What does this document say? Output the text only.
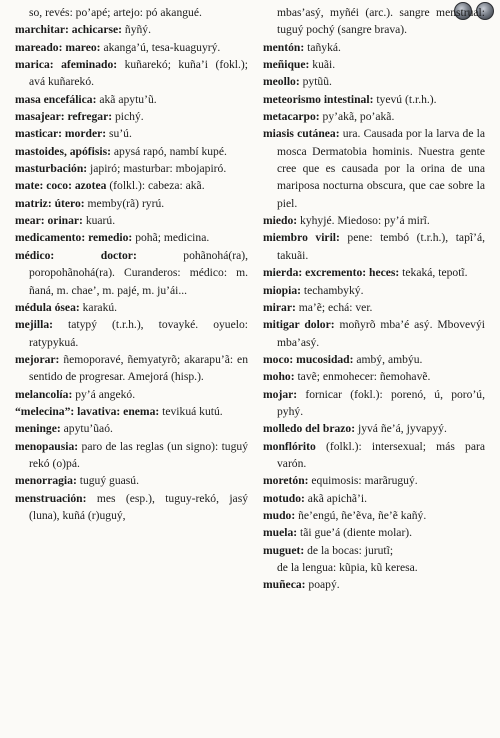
so, revés: po’apé; artejo: pó akangué.
marchitar: achicarse: ñyñý.
mareado: mareo: akanga’ú, tesa-kuaguyrý.
marica: afeminado: kuñarekó; kuña’i (fokl.); avá kuñarekó.
masa encefálica: akã apytu’ũ.
masajear: refregar: pichý.
masticar: morder: su’ú.
mastoides, apófisis: apysá rapó, nambí kupé.
masturbación: japiró; masturbar: mbojapiró.
mate: coco: azotea (folkl.): cabeza: akã.
matriz: útero: memby(rã) ryrú.
mear: orinar: kuarú.
medicamento: remedio: pohã; medicina.
médico: doctor: pohãnohá(ra), poropohãnohá(ra). Curanderos: médico: m. ñaná, m. chae’, m. pajé, m. ju’ái...
médula ósea: karakú.
mejilla: tatypý (t.r.h.), tovayké. oyuelo: ratypykuá.
mejorar: ñemoporavé, ñemyatyrõ; akarapu’ã: en sentido de progresar. Amejorá (hisp.).
melancolía: py’á angekó.
“melecina”: lavativa: enema: tevikuá kutú.
meninge: apytu’ũaó.
menopausia: paro de las reglas (un signo): tuguý rekó (o)pá.
menorragia: tuguý guasú.
menstruación: mes (esp.), tuguy-rekó, jasý (luna), kuñá (r)uguý,
mbas’asý, myñéi (arc.). sangre menstrual: tuguý pochý (sangre brava).
mentón: tañyká.
meñique: kuãi.
meollo: pytũũ.
meteorismo intestinal: tyevú (t.r.h.).
metacarpo: py’akã, po’akã.
miasis cutánea: ura. Causada por la larva de la mosca Dermatobia hominis. Nuestra gente cree que es causada por la orina de una mariposa nocturna obscura, que cae sobre la piel.
miedo: kyhyjé. Miedoso: py’á mirĩ.
miembro viril: pene: tembó (t.r.h.), tapĩ’á, takuãi.
mierda: excremento: heces: tekaká, tepotĩ.
miopia: techambyký.
mirar: ma’ẽ; echá: ver.
mitigar dolor: moñyrõ mba’é asý. Mbovevýi mba’asý.
moco: mucosidad: ambý, ambýu.
moho: tavẽ; enmohecer: ñemohavẽ.
mojar: fornicar (fokl.): porenó, ú, poro’ú, pyhý.
molledo del brazo: jyvá ñe’á, jyvapyý.
monflórito (folkl.): intersexual; más para varón.
moretón: equimosis: marãruguý.
motudo: akã apichã’i.
mudo: ñe’engú, ñe’ẽva, ñe’ẽ kañý.
muela: tãi gue’á (diente molar).
muguet: de la bocas: jurutĩ;
de la lengua: kũpia, kũ keresa.
muñeca: poapý.
